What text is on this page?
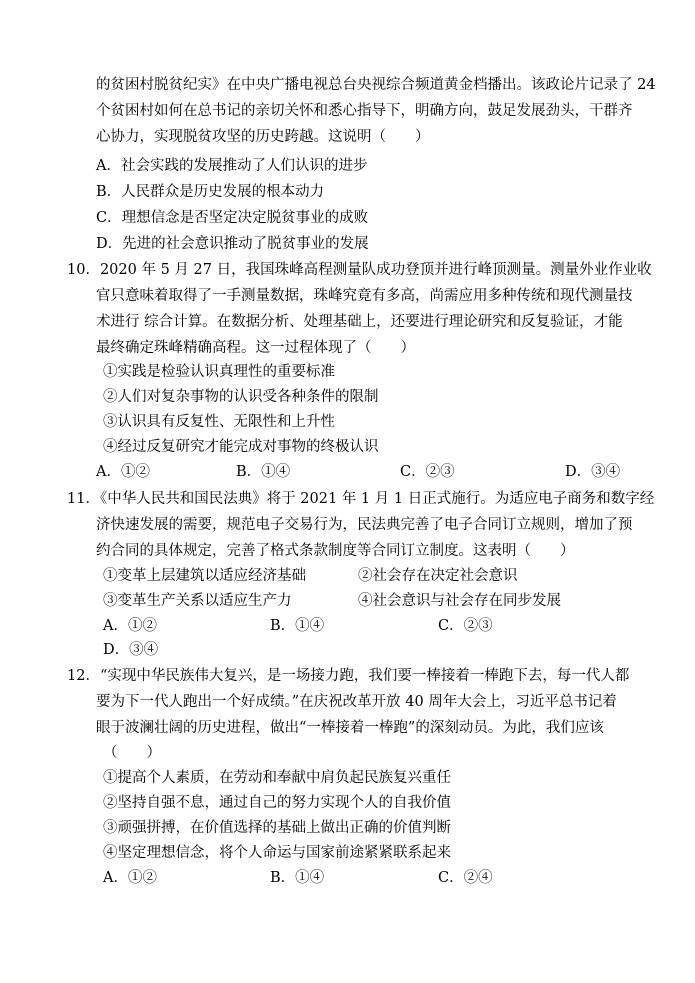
的贫困村脱贫纪实》在中央广播电视总台央视综合频道黄金档播出。该政论片记录了 24
个贫困村如何在总书记的亲切关怀和悉心指导下，明确方向，鼓足发展劲头，干群齐
心协力，实现脱贫攻坚的历史跨越。这说明（　　）
A．社会实践的发展推动了人们认识的进步
B．人民群众是历史发展的根本动力
C．理想信念是否坚定决定脱贫事业的成败
D．先进的社会意识推动了脱贫事业的发展
10．2020 年 5 月 27 日，我国珠峰高程测量队成功登顶并进行峰顶测量。测量外业作业收
官只意味着取得了一手测量数据，珠峰究竟有多高，尚需应用多种传统和现代测量技
术进行 综合计算。在数据分析、处理基础上，还要进行理论研究和反复验证，才能
最终确定珠峰精确高程。这一过程体现了（　　）
①实践是检验认识真理性的重要标准
②人们对复杂事物的认识受各种条件的限制
③认识具有反复性、无限性和上升性
④经过反复研究才能完成对事物的终极认识
A．①②	B．①④	C．②③	D．③④
11．《中华人民共和国民法典》将于 2021 年 1 月 1 日正式施行。为适应电子商务和数字经
济快速发展的需要，规范电子交易行为，民法典完善了电子合同订立规则，增加了预
约合同的具体规定，完善了格式条款制度等合同订立制度。这表明（　　）
①变革上层建筑以适应经济基础	②社会存在决定社会意识
③变革生产关系以适应生产力	④社会意识与社会存在同步发展
A．①②	B．①④	C．②③
D．③④
12．“实现中华民族伟大复兴，是一场接力跑，我们要一棒接着一棒跑下去，每一代人都
要为下一代人跑出一个好成绩。”在庆祝改革开放 40 周年大会上，习近平总书记着
眼于波澜壮阔的历史进程，做出“一棒接着一棒跑”的深刻动员。为此，我们应该
（　　）
①提高个人素质，在劳动和奉献中肩负起民族复兴重任
②坚持自强不息，通过自己的努力实现个人的自我价值
③顽强拼搏，在价值选择的基础上做出正确的价值判断
④坚定理想信念，将个人命运与国家前途紧紧联系起来
A．①②	B．①④	C．②④
